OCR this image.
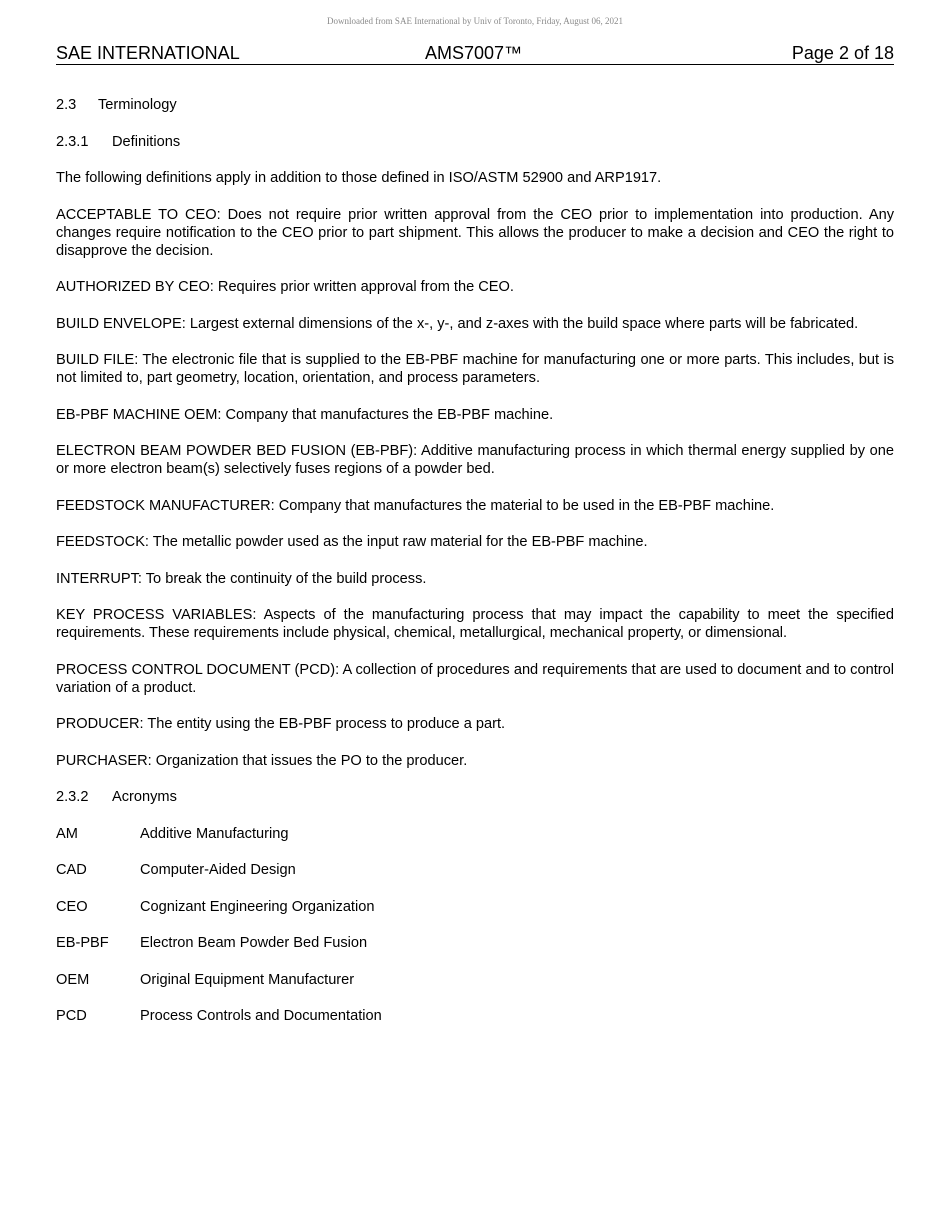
Downloaded from SAE International by Univ of Toronto, Friday, August 06, 2021
SAE INTERNATIONAL	AMS7007™	Page 2 of 18
2.3 Terminology
2.3.1 Definitions

The following definitions apply in addition to those defined in ISO/ASTM 52900 and ARP1917.

ACCEPTABLE TO CEO: Does not require prior written approval from the CEO prior to implementation into production. Any changes require notification to the CEO prior to part shipment. This allows the producer to make a decision and CEO the right to disapprove the decision.

AUTHORIZED BY CEO: Requires prior written approval from the CEO.

BUILD ENVELOPE: Largest external dimensions of the x-, y-, and z-axes with the build space where parts will be fabricated.

BUILD FILE: The electronic file that is supplied to the EB-PBF machine for manufacturing one or more parts. This includes, but is not limited to, part geometry, location, orientation, and process parameters.

EB-PBF MACHINE OEM: Company that manufactures the EB-PBF machine.

ELECTRON BEAM POWDER BED FUSION (EB-PBF): Additive manufacturing process in which thermal energy supplied by one or more electron beam(s) selectively fuses regions of a powder bed.

FEEDSTOCK MANUFACTURER: Company that manufactures the material to be used in the EB-PBF machine.

FEEDSTOCK: The metallic powder used as the input raw material for the EB-PBF machine.

INTERRUPT: To break the continuity of the build process.

KEY PROCESS VARIABLES: Aspects of the manufacturing process that may impact the capability to meet the specified requirements. These requirements include physical, chemical, metallurgical, mechanical property, or dimensional.

PROCESS CONTROL DOCUMENT (PCD): A collection of procedures and requirements that are used to document and to control variation of a product.

PRODUCER: The entity using the EB-PBF process to produce a part.

PURCHASER: Organization that issues the PO to the producer.

2.3.2 Acronyms
AM	Additive Manufacturing
CAD	Computer-Aided Design
CEO	Cognizant Engineering Organization
EB-PBF Electron Beam Powder Bed Fusion
OEM	Original Equipment Manufacturer
PCD	Process Controls and Documentation
